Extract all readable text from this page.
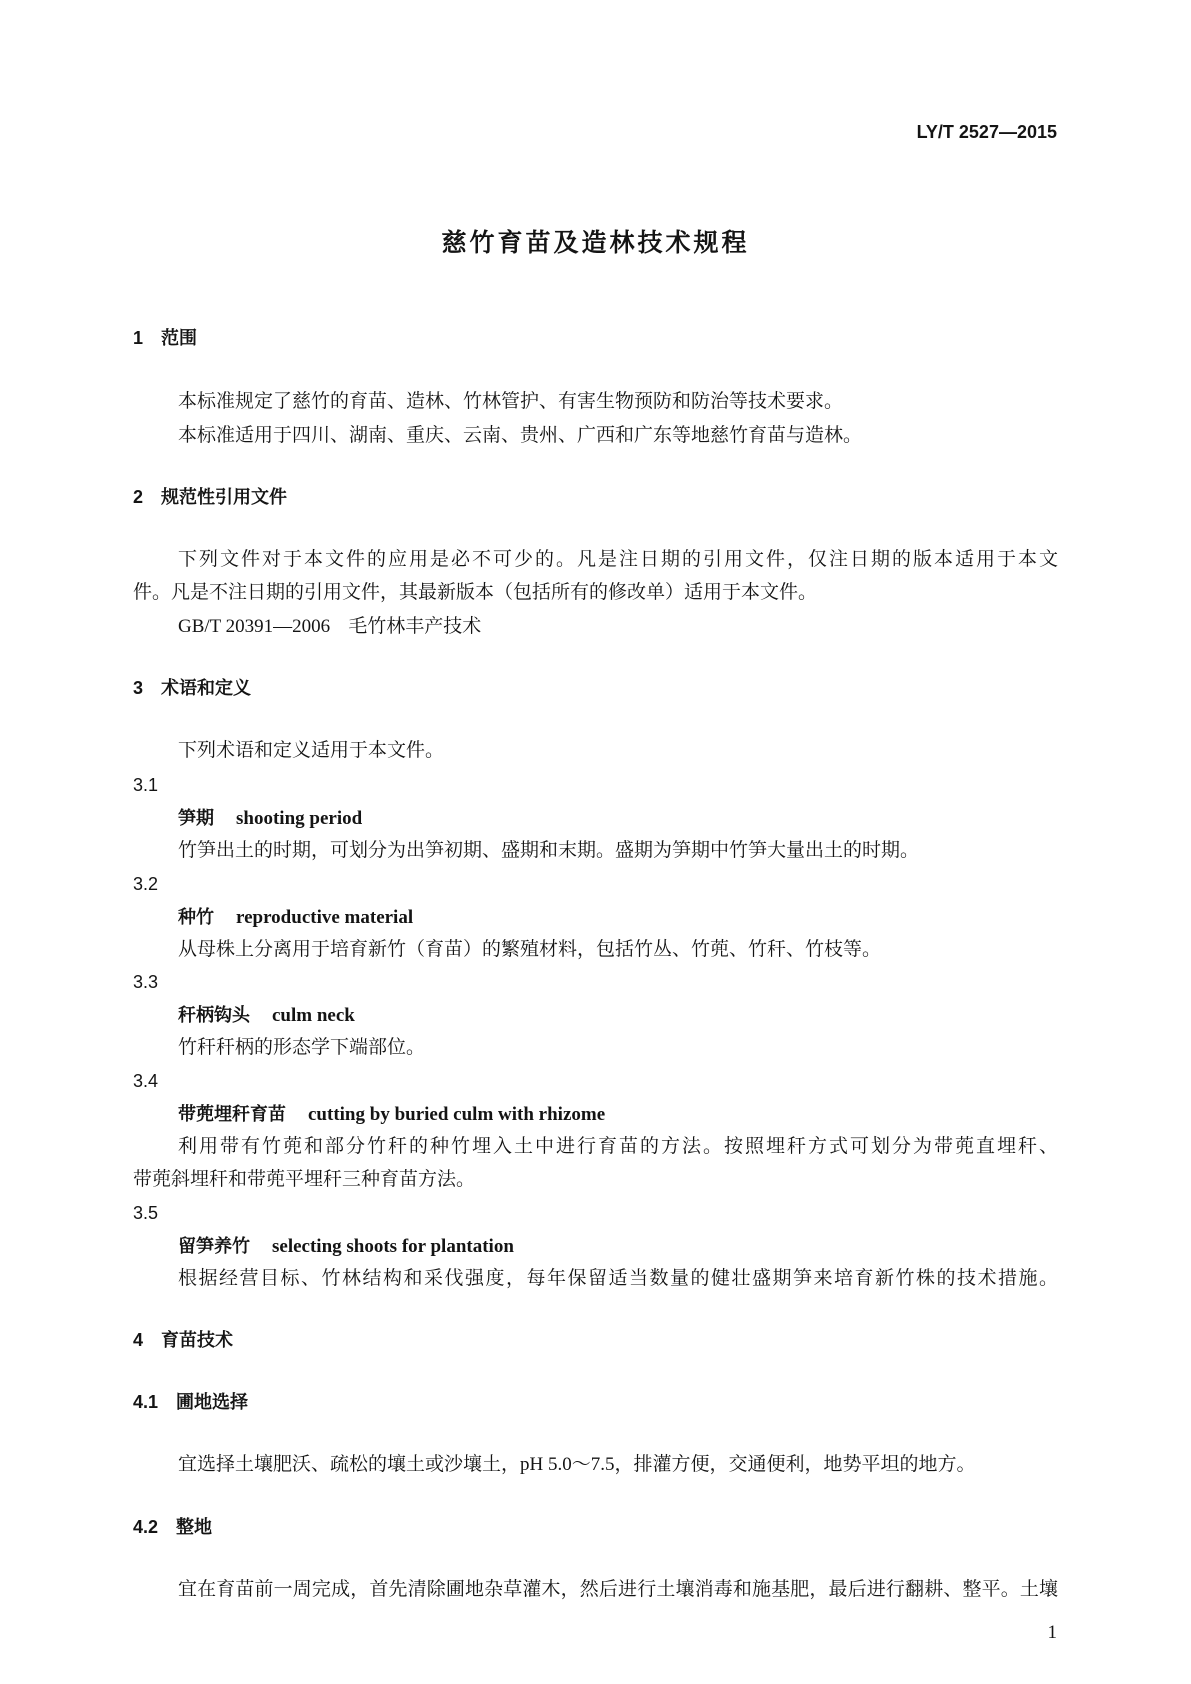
LY/T 2527—2015
慈竹育苗及造林技术规程
1 范围
本标准规定了慈竹的育苗、造林、竹林管护、有害生物预防和防治等技术要求。
本标准适用于四川、湖南、重庆、云南、贵州、广西和广东等地慈竹育苗与造林。
2 规范性引用文件
下列文件对于本文件的应用是必不可少的。凡是注日期的引用文件，仅注日期的版本适用于本文
件。凡是不注日期的引用文件，其最新版本（包括所有的修改单）适用于本文件。
GB/T 20391—2006 毛竹林丰产技术
3 术语和定义
下列术语和定义适用于本文件。
3.1
笋期 shooting period
竹笋出土的时期，可划分为出笋初期、盛期和末期。盛期为笋期中竹笋大量出土的时期。
3.2
种竹 reproductive material
从母株上分离用于培育新竹（育苗）的繁殖材料，包括竹丛、竹蔸、竹秆、竹枝等。
3.3
秆柄钩头 culm neck
竹秆秆柄的形态学下端部位。
3.4
带蔸埋秆育苗 cutting by buried culm with rhizome
利用带有竹蔸和部分竹秆的种竹埋入土中进行育苗的方法。按照埋秆方式可划分为带蔸直埋秆、
带蔸斜埋秆和带蔸平埋秆三种育苗方法。
3.5
留笋养竹 selecting shoots for plantation
根据经营目标、竹林结构和采伐强度，每年保留适当数量的健壮盛期笋来培育新竹株的技术措施。
4 育苗技术
4.1 圃地选择
宜选择土壤肥沃、疏松的壤土或沙壤土，pH 5.0～7.5，排灌方便，交通便利，地势平坦的地方。
4.2 整地
宜在育苗前一周完成，首先清除圃地杂草灌木，然后进行土壤消毒和施基肥，最后进行翻耕、整平。土壤
1
